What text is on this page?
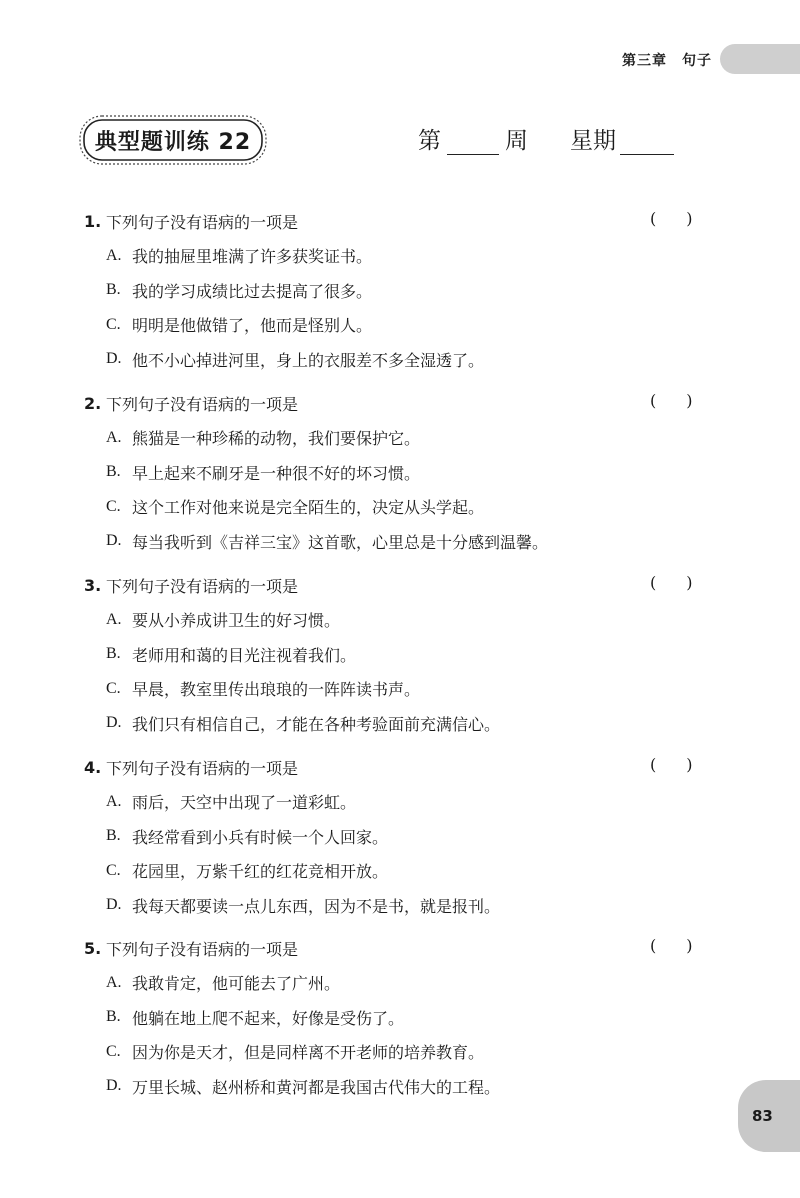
第三章　句子
典型题训练 22	第	周 星期
1. 下列句子没有语病的一项是	()
A. 我的抽屉里堆满了许多获奖证书。
B. 我的学习成绩比过去提高了很多。
C. 明明是他做错了，他而是怪别人。
D. 他不小心掉进河里，身上的衣服差不多全湿透了。
2. 下列句子没有语病的一项是	()
A. 熊猫是一种珍稀的动物，我们要保护它。
B. 早上起来不刷牙是一种很不好的坏习惯。
C. 这个工作对他来说是完全陌生的，决定从头学起。
D. 每当我听到《吉祥三宝》这首歌，心里总是十分感到温馨。
3. 下列句子没有语病的一项是	()
A. 要从小养成讲卫生的好习惯。
B. 老师用和蔼的目光注视着我们。
C. 早晨，教室里传出琅琅的一阵阵读书声。
D. 我们只有相信自己，才能在各种考验面前充满信心。
4. 下列句子没有语病的一项是	()
A. 雨后，天空中出现了一道彩虹。
B. 我经常看到小兵有时候一个人回家。
C. 花园里，万紫千红的红花竞相开放。
D. 我每天都要读一点儿东西，因为不是书，就是报刊。
5. 下列句子没有语病的一项是	()
A. 我敢肯定，他可能去了广州。
B. 他躺在地上爬不起来，好像是受伤了。
C. 因为你是天才，但是同样离不开老师的培养教育。
D. 万里长城、赵州桥和黄河都是我国古代伟大的工程。
83
